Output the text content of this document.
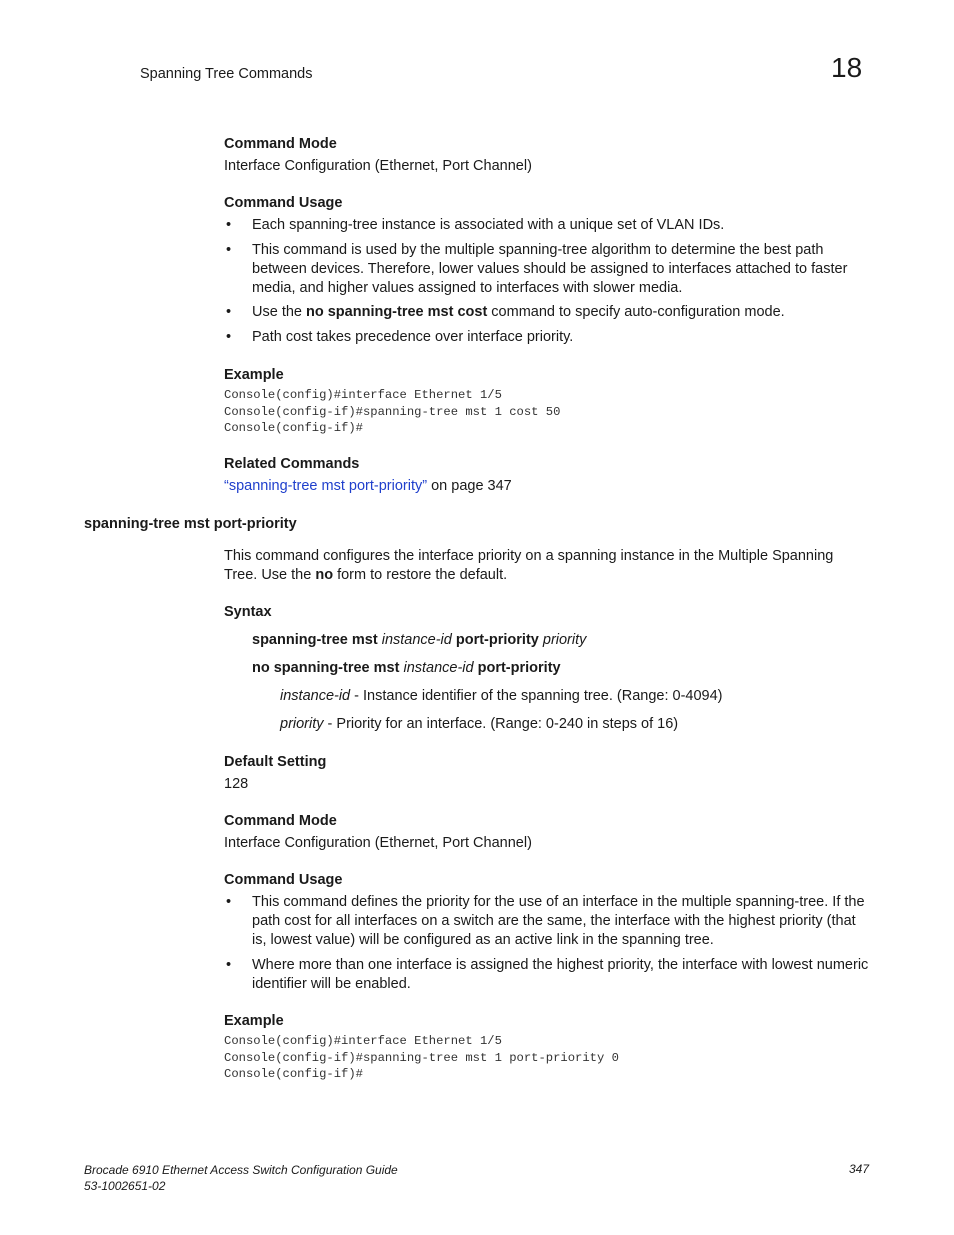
Spanning Tree Commands	18
Command Mode
Interface Configuration (Ethernet, Port Channel)
Command Usage
• Each spanning-tree instance is associated with a unique set of VLAN IDs.
• This command is used by the multiple spanning-tree algorithm to determine the best path between devices. Therefore, lower values should be assigned to interfaces attached to faster media, and higher values assigned to interfaces with slower media.
• Use the no spanning-tree mst cost command to specify auto-configuration mode.
• Path cost takes precedence over interface priority.
Example
Console(config)#interface Ethernet 1/5
Console(config-if)#spanning-tree mst 1 cost 50
Console(config-if)#
Related Commands
“spanning-tree mst port-priority” on page 347
spanning-tree mst port-priority
This command configures the interface priority on a spanning instance in the Multiple Spanning Tree. Use the no form to restore the default.
Syntax
spanning-tree mst instance-id port-priority priority
no spanning-tree mst instance-id port-priority
instance-id - Instance identifier of the spanning tree. (Range: 0-4094)
priority - Priority for an interface. (Range: 0-240 in steps of 16)
Default Setting
128
Command Mode
Interface Configuration (Ethernet, Port Channel)
Command Usage
• This command defines the priority for the use of an interface in the multiple spanning-tree. If the path cost for all interfaces on a switch are the same, the interface with the highest priority (that is, lowest value) will be configured as an active link in the spanning tree.
• Where more than one interface is assigned the highest priority, the interface with lowest numeric identifier will be enabled.
Example
Console(config)#interface Ethernet 1/5
Console(config-if)#spanning-tree mst 1 port-priority 0
Console(config-if)#
Brocade 6910 Ethernet Access Switch Configuration Guide
53-1002651-02
347
